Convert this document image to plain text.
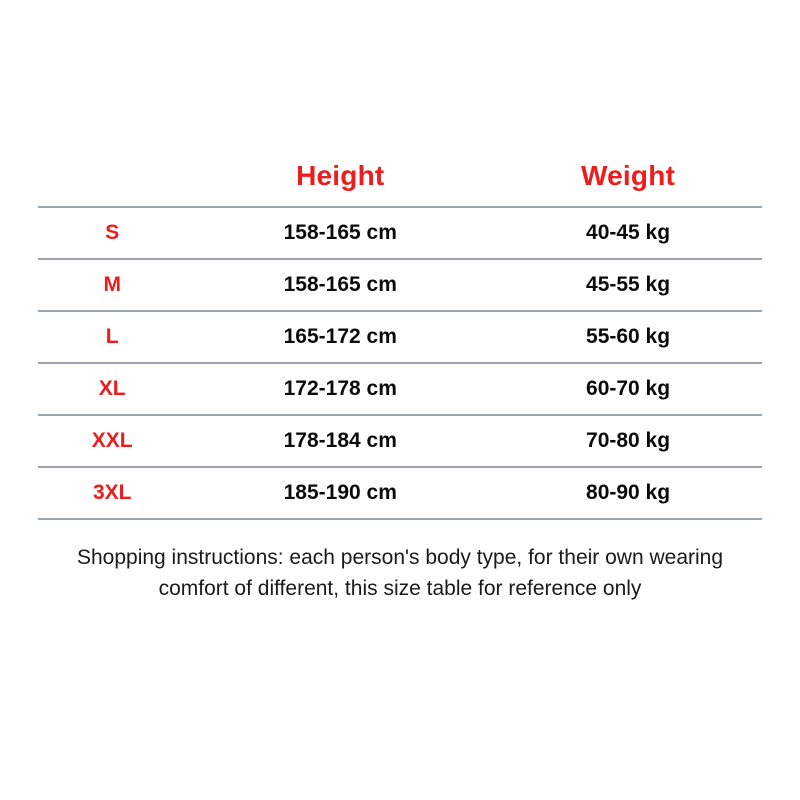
	Height	Weight
S	158-165 cm	40-45 kg
M	158-165 cm	45-55 kg
L	165-172 cm	55-60 kg
XL	172-178 cm	60-70 kg
XXL	178-184 cm	70-80 kg
3XL	185-190 cm	80-90 kg
Shopping instructions: each person's body type, for their own wearing
comfort of different, this size table for reference only
